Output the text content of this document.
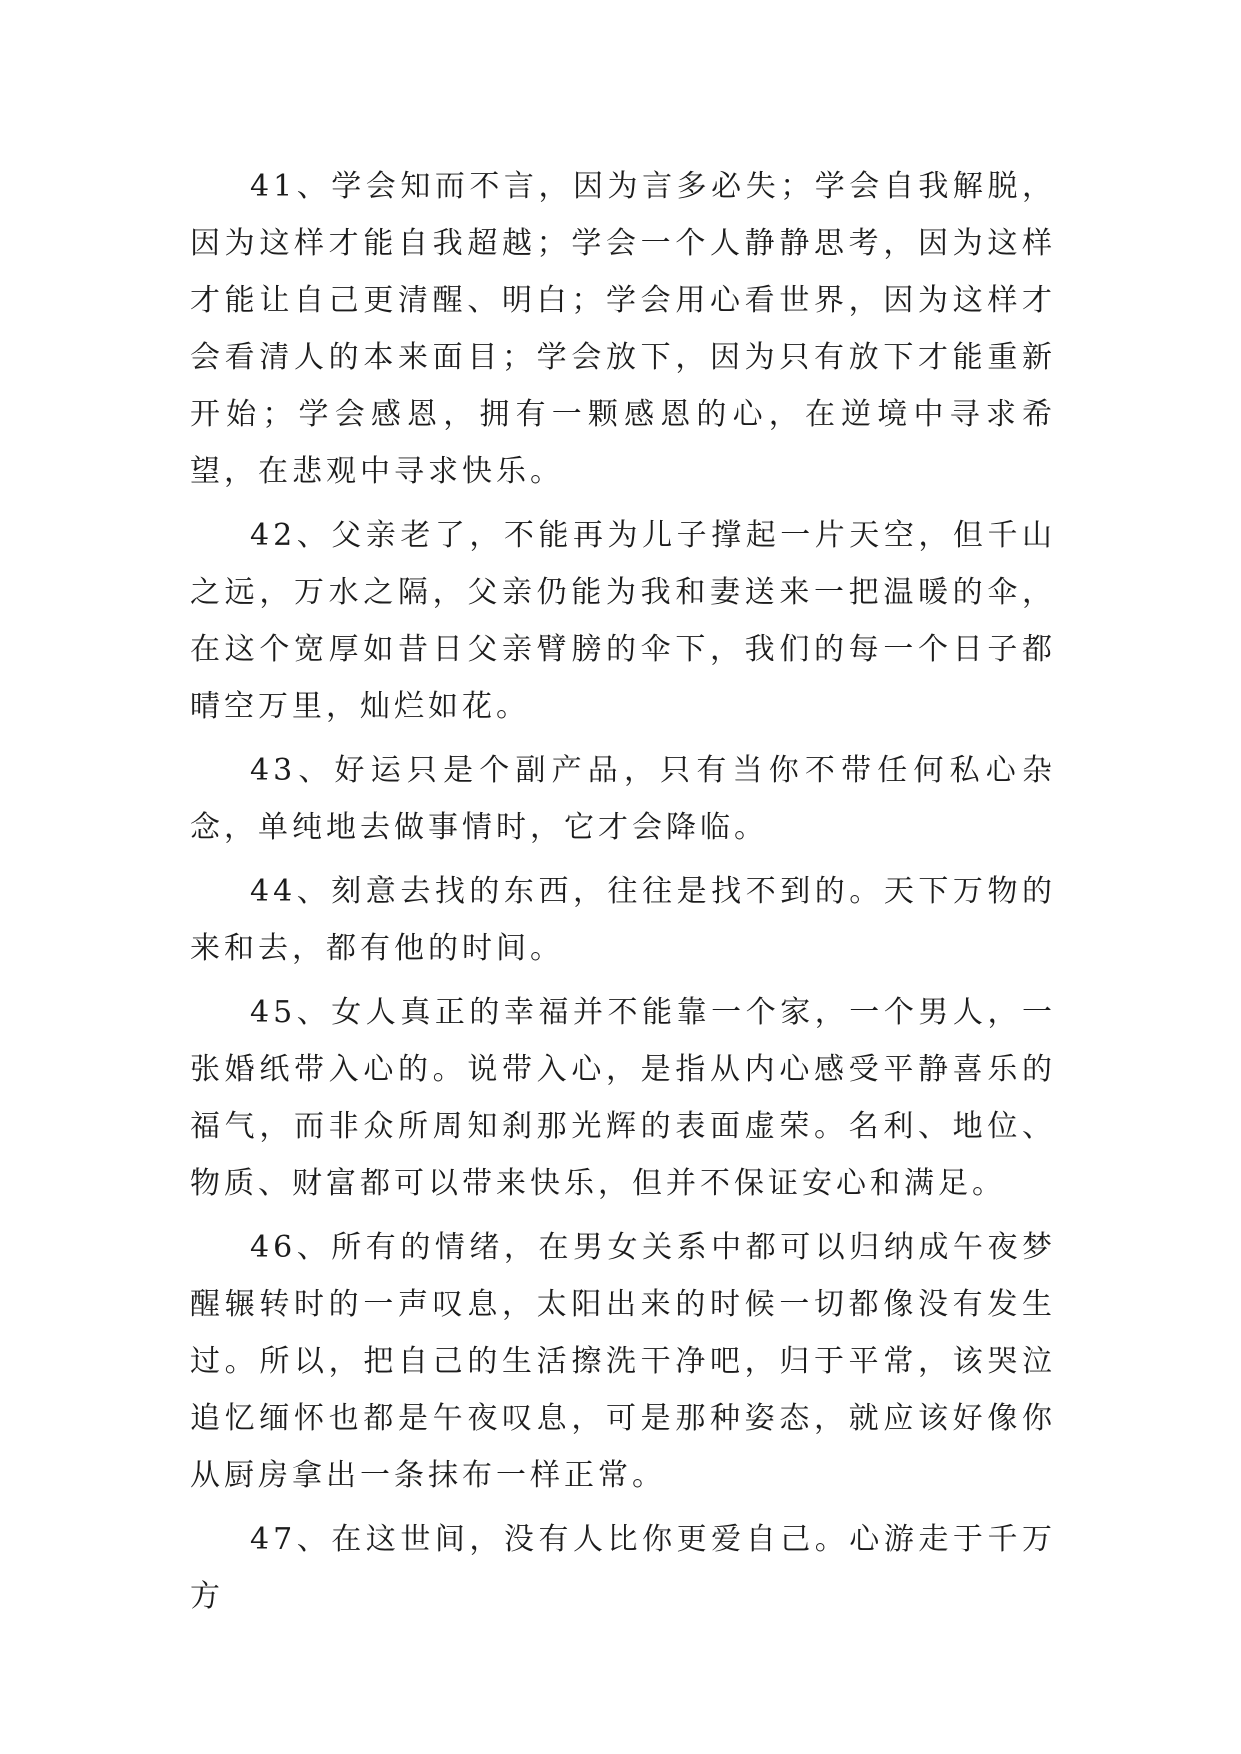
41、学会知而不言，因为言多必失；学会自我解脱，因为这样才能自我超越；学会一个人静静思考，因为这样才能让自己更清醒、明白；学会用心看世界，因为这样才会看清人的本来面目；学会放下，因为只有放下才能重新开始；学会感恩，拥有一颗感恩的心，在逆境中寻求希望，在悲观中寻求快乐。

42、父亲老了，不能再为儿子撑起一片天空，但千山之远，万水之隔，父亲仍能为我和妻送来一把温暖的伞，在这个宽厚如昔日父亲臂膀的伞下，我们的每一个日子都晴空万里，灿烂如花。

43、好运只是个副产品，只有当你不带任何私心杂念，单纯地去做事情时，它才会降临。

44、刻意去找的东西，往往是找不到的。天下万物的来和去，都有他的时间。

45、女人真正的幸福并不能靠一个家，一个男人，一张婚纸带入心的。说带入心，是指从内心感受平静喜乐的福气，而非众所周知刹那光辉的表面虚荣。名利、地位、物质、财富都可以带来快乐，但并不保证安心和满足。

46、所有的情绪，在男女关系中都可以归纳成午夜梦醒辗转时的一声叹息，太阳出来的时候一切都像没有发生过。所以，把自己的生活擦洗干净吧，归于平常，该哭泣追忆缅怀也都是午夜叹息，可是那种姿态，就应该好像你从厨房拿出一条抹布一样正常。

47、在这世间，没有人比你更爱自己。心游走于千万方
